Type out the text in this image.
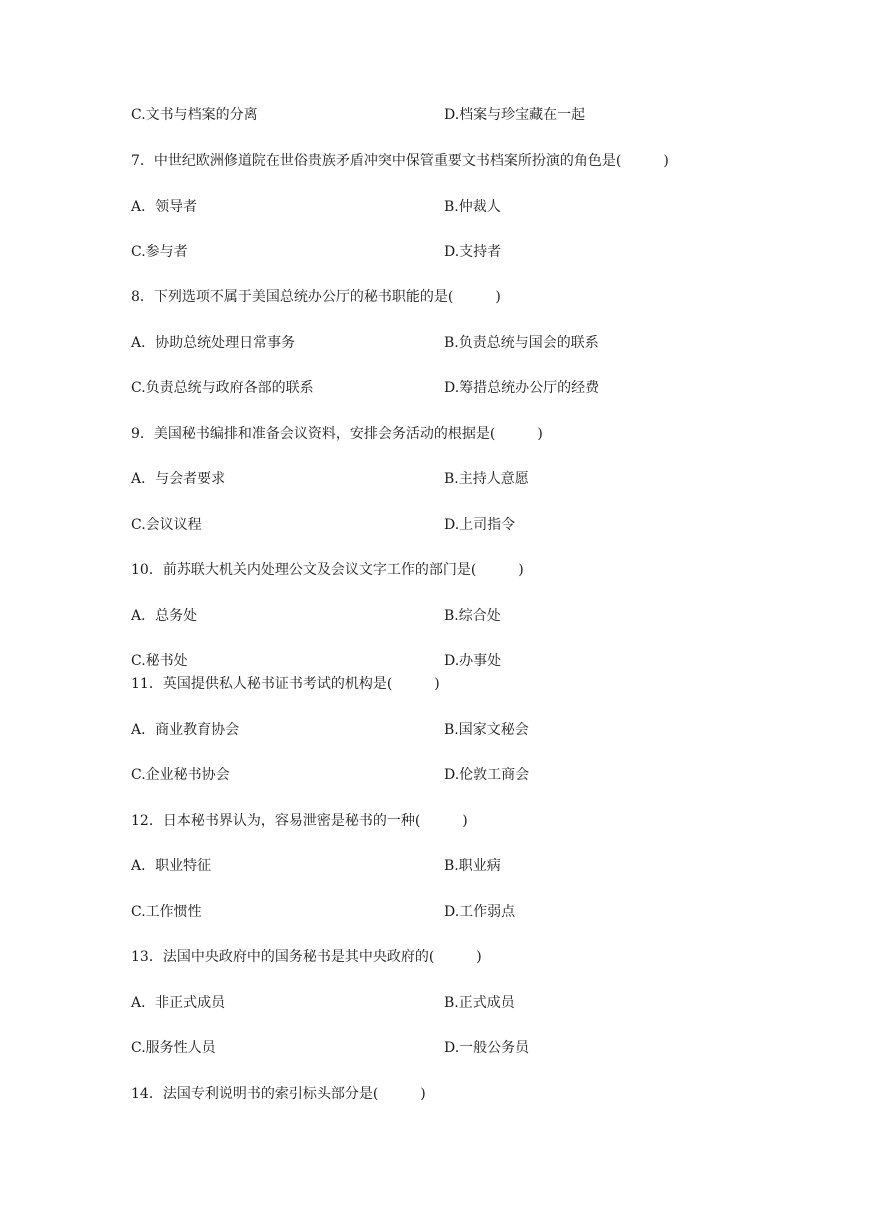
C.文书与档案的分离	D.档案与珍宝藏在一起
7．中世纪欧洲修道院在世俗贵族矛盾冲突中保管重要文书档案所扮演的角色是(　　　)
A．领导者	B.仲裁人
C.参与者	D.支持者
8．下列选项不属于美国总统办公厅的秘书职能的是(　　　)
A．协助总统处理日常事务	B.负责总统与国会的联系
C.负责总统与政府各部的联系	D.筹措总统办公厅的经费
9．美国秘书编排和准备会议资料，安排会务活动的根据是(　　　)
A．与会者要求	B.主持人意愿
C.会议议程	D.上司指令
10．前苏联大机关内处理公文及会议文字工作的部门是(　　　)
A．总务处	B.综合处
C.秘书处	D.办事处
11．英国提供私人秘书证书考试的机构是(　　　)
A．商业教育协会	B.国家文秘会
C.企业秘书协会	D.伦敦工商会
12．日本秘书界认为，容易泄密是秘书的一种(　　　)
A．职业特征	B.职业病
C.工作惯性	D.工作弱点
13．法国中央政府中的国务秘书是其中央政府的(　　　)
A．非正式成员	B.正式成员
C.服务性人员	D.一般公务员
14．法国专利说明书的索引标头部分是(　　　)
